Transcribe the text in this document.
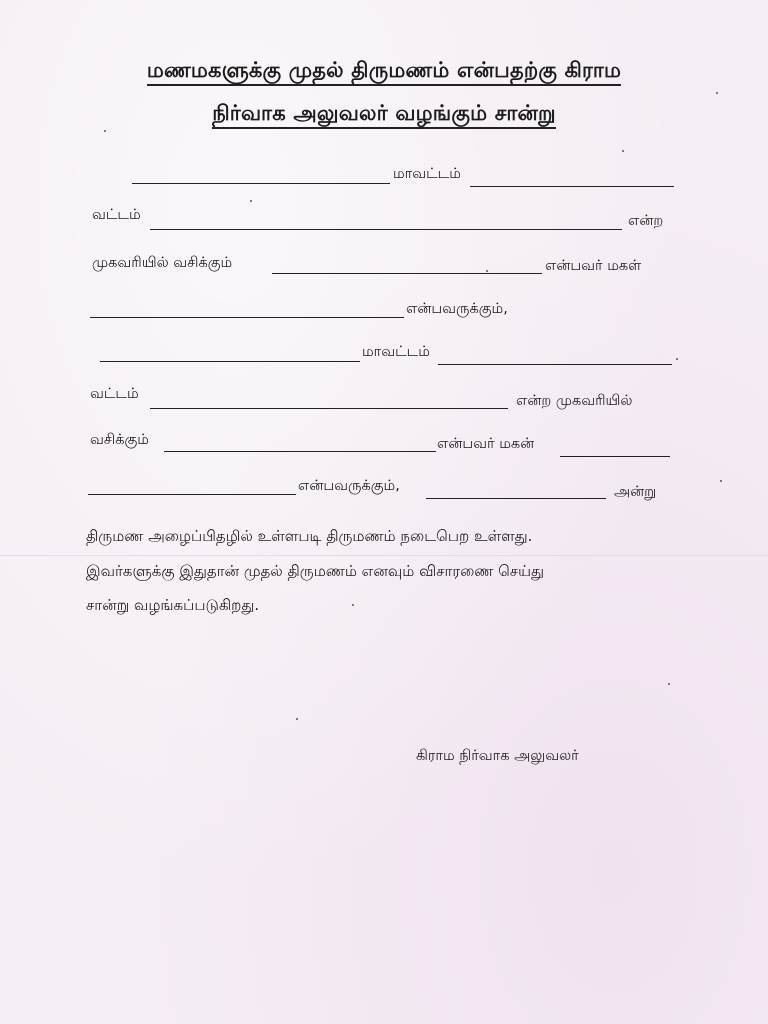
மணமகளுக்கு முதல் திருமணம் என்பதற்கு கிராம
நிர்வாக அலுவலர் வழங்கும் சான்று
மாவட்டம்
வட்டம்	என்ற
முகவரியில் வசிக்கும்	என்பவர் மகள்
என்பவருக்கும்,
மாவட்டம்
வட்டம்	என்ற முகவரியில்
வசிக்கும்	என்பவர் மகன்
என்பவருக்கும்,	அன்று
திருமண அழைப்பிதழில் உள்ளபடி திருமணம் நடைபெற உள்ளது.
இவர்களுக்கு இதுதான் முதல் திருமணம் எனவும் விசாரணை செய்து
சான்று வழங்கப்படுகிறது.
கிராம நிர்வாக அலுவலர்
